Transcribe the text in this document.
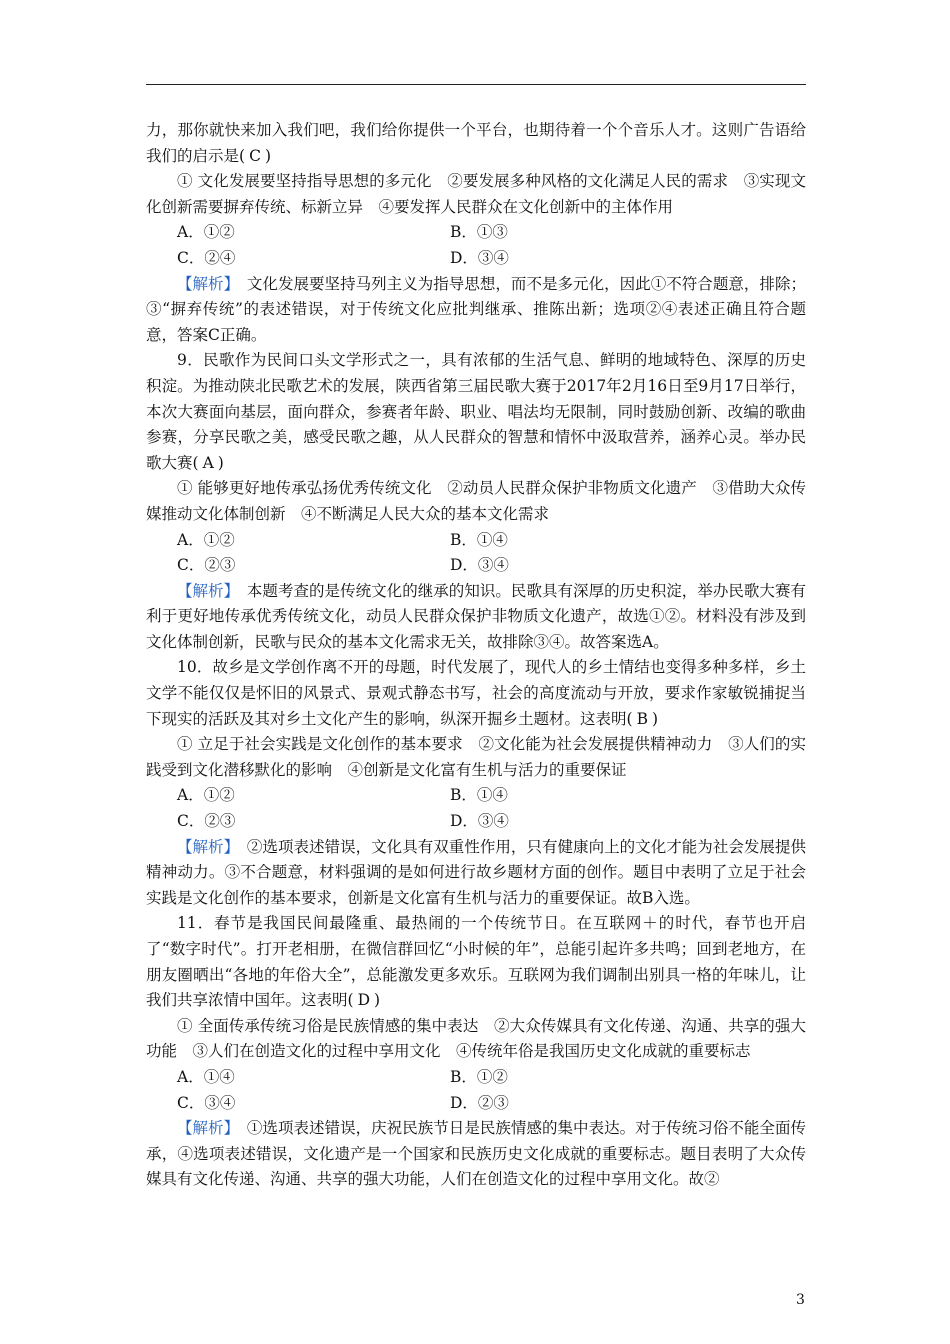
力，那你就快来加入我们吧，我们给你提供一个平台，也期待着一个个音乐人才。这则广告语给我们的启示是( C )

① 文化发展要坚持指导思想的多元化　②要发展多种风格的文化满足人民的需求　③实现文化创新需要摒弃传统、标新立异　④要发挥人民群众在文化创新中的主体作用

A．①②	B．①③
C．②④	D．③④

【解析】　文化发展要坚持马列主义为指导思想，而不是多元化，因此①不符合题意，排除；③“摒弃传统”的表述错误，对于传统文化应批判继承、推陈出新；选项②④表述正确且符合题意，答案C正确。

9．民歌作为民间口头文学形式之一，具有浓郁的生活气息、鲜明的地域特色、深厚的历史积淀。为推动陕北民歌艺术的发展，陕西省第三届民歌大赛于2017年2月16日至9月17日举行，本次大赛面向基层，面向群众，参赛者年龄、职业、唱法均无限制，同时鼓励创新、改编的歌曲参赛，分享民歌之美，感受民歌之趣，从人民群众的智慧和情怀中汲取营养，涵养心灵。举办民歌大赛( A )

① 能够更好地传承弘扬优秀传统文化　②动员人民群众保护非物质文化遗产　③借助大众传媒推动文化体制创新　④不断满足人民大众的基本文化需求

A．①②	B．①④
C．②③	D．③④

【解析】　本题考查的是传统文化的继承的知识。民歌具有深厚的历史积淀，举办民歌大赛有利于更好地传承优秀传统文化，动员人民群众保护非物质文化遗产，故选①②。材料没有涉及到文化体制创新，民歌与民众的基本文化需求无关，故排除③④。故答案选A。

10．故乡是文学创作离不开的母题，时代发展了，现代人的乡土情结也变得多种多样，乡土文学不能仅仅是怀旧的风景式、景观式静态书写，社会的高度流动与开放，要求作家敏锐捕捉当下现实的活跃及其对乡土文化产生的影响，纵深开掘乡土题材。这表明( B )

① 立足于社会实践是文化创作的基本要求　②文化能为社会发展提供精神动力　③人们的实践受到文化潜移默化的影响　④创新是文化富有生机与活力的重要保证

A．①②	B．①④
C．②③	D．③④

【解析】　②选项表述错误，文化具有双重性作用，只有健康向上的文化才能为社会发展提供精神动力。③不合题意，材料强调的是如何进行故乡题材方面的创作。题目中表明了立足于社会实践是文化创作的基本要求，创新是文化富有生机与活力的重要保证。故B入选。

11．春节是我国民间最隆重、最热闹的一个传统节日。在互联网＋的时代，春节也开启了“数字时代”。打开老相册，在微信群回忆“小时候的年”，总能引起许多共鸣；回到老地方，在朋友圈晒出“各地的年俗大全”，总能激发更多欢乐。互联网为我们调制出别具一格的年味儿，让我们共享浓情中国年。这表明( D )

① 全面传承传统习俗是民族情感的集中表达　②大众传媒具有文化传递、沟通、共享的强大功能　③人们在创造文化的过程中享用文化　④传统年俗是我国历史文化成就的重要标志

A．①④	B．①②
C．③④	D．②③

【解析】　①选项表述错误，庆祝民族节日是民族情感的集中表达。对于传统习俗不能全面传承，④选项表述错误，文化遗产是一个国家和民族历史文化成就的重要标志。题目表明了大众传媒具有文化传递、沟通、共享的强大功能，人们在创造文化的过程中享用文化。故②

3
